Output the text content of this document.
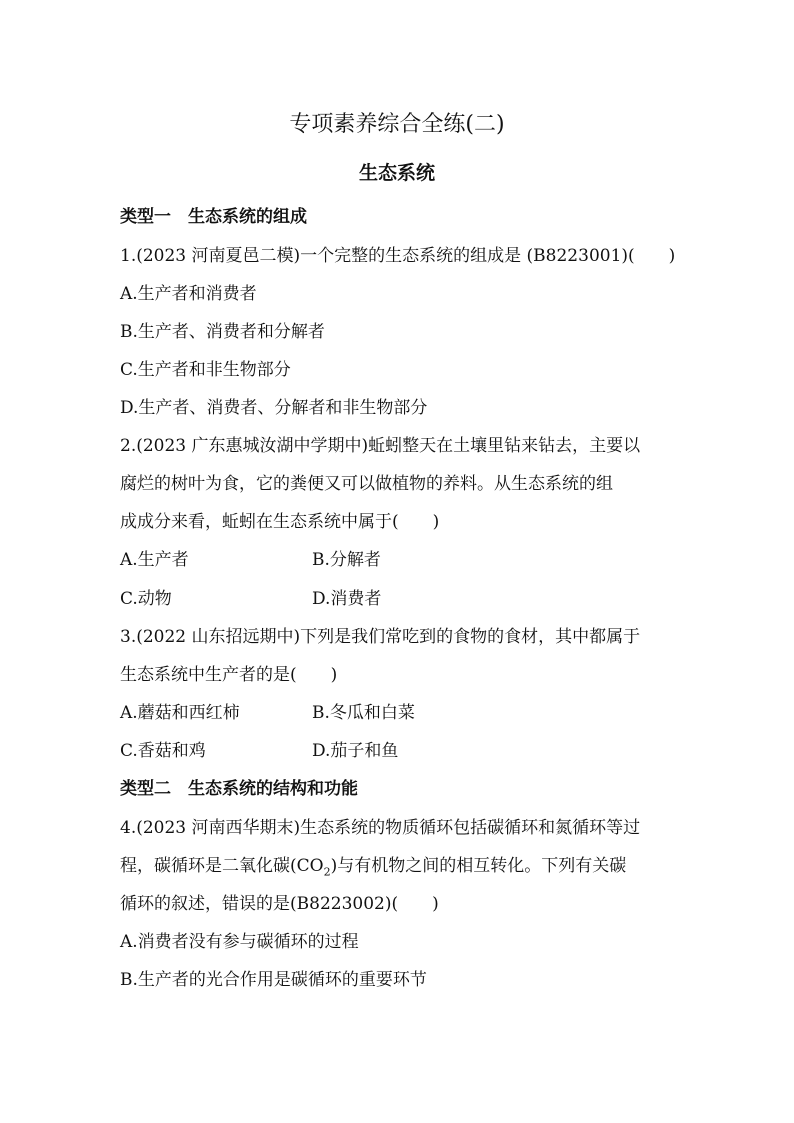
专项素养综合全练(二)
生态系统
类型一　生态系统的组成
1.(2023 河南夏邑二模)一个完整的生态系统的组成是 (B8223001)(　　)
A.生产者和消费者
B.生产者、消费者和分解者
C.生产者和非生物部分
D.生产者、消费者、分解者和非生物部分
2.(2023 广东惠城汝湖中学期中)蚯蚓整天在土壤里钻来钻去，主要以
腐烂的树叶为食，它的粪便又可以做植物的养料。从生态系统的组
成成分来看，蚯蚓在生态系统中属于(　　)
A.生产者	B.分解者
C.动物	D.消费者
3.(2022 山东招远期中)下列是我们常吃到的食物的食材，其中都属于
生态系统中生产者的是(　　)
A.蘑菇和西红柿	B.冬瓜和白菜
C.香菇和鸡	D.茄子和鱼
类型二　生态系统的结构和功能
4.(2023 河南西华期末)生态系统的物质循环包括碳循环和氮循环等过
程，碳循环是二氧化碳$(CO_2)$与有机物之间的相互转化。下列有关碳
循环的叙述，错误的是(B8223002)(　　)
A.消费者没有参与碳循环的过程
B.生产者的光合作用是碳循环的重要环节
